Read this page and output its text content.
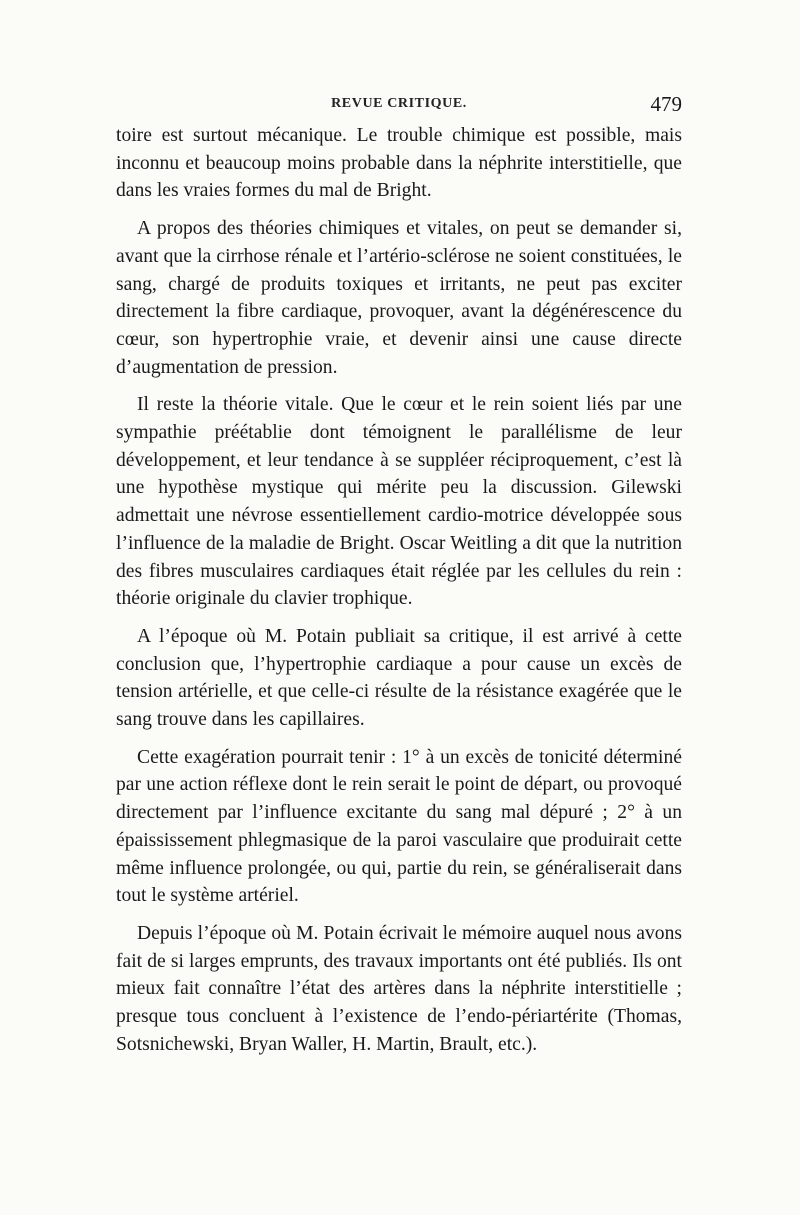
REVUE CRITIQUE.	479

toire est surtout mécanique. Le trouble chimique est possible, mais inconnu et beaucoup moins probable dans la néphrite interstitielle, que dans les vraies formes du mal de Bright.

A propos des théories chimiques et vitales, on peut se demander si, avant que la cirrhose rénale et l’artério-sclérose ne soient constituées, le sang, chargé de produits toxiques et irritants, ne peut pas exciter directement la fibre cardiaque, provoquer, avant la dégénérescence du cœur, son hypertrophie vraie, et devenir ainsi une cause directe d’augmentation de pression.

Il reste la théorie vitale. Que le cœur et le rein soient liés par une sympathie préétablie dont témoignent le parallélisme de leur développement, et leur tendance à se suppléer réciproquement, c’est là une hypothèse mystique qui mérite peu la discussion. Gilewski admettait une névrose essentiellement cardio-motrice développée sous l’influence de la maladie de Bright. Oscar Weitling a dit que la nutrition des fibres musculaires cardiaques était réglée par les cellules du rein : théorie originale du clavier trophique.

A l’époque où M. Potain publiait sa critique, il est arrivé à cette conclusion que, l’hypertrophie cardiaque a pour cause un excès de tension artérielle, et que celle-ci résulte de la résistance exagérée que le sang trouve dans les capillaires.

Cette exagération pourrait tenir : 1° à un excès de tonicité déterminé par une action réflexe dont le rein serait le point de départ, ou provoqué directement par l’influence excitante du sang mal dépuré ; 2° à un épaississement phlegmasique de la paroi vasculaire que produirait cette même influence prolongée, ou qui, partie du rein, se généraliserait dans tout le système artériel.

Depuis l’époque où M. Potain écrivait le mémoire auquel nous avons fait de si larges emprunts, des travaux importants ont été publiés. Ils ont mieux fait connaître l’état des artères dans la néphrite interstitielle ; presque tous concluent à l’existence de l’endo-périartérite (Thomas, Sotsnichewski, Bryan Waller, H. Martin, Brault, etc.).
